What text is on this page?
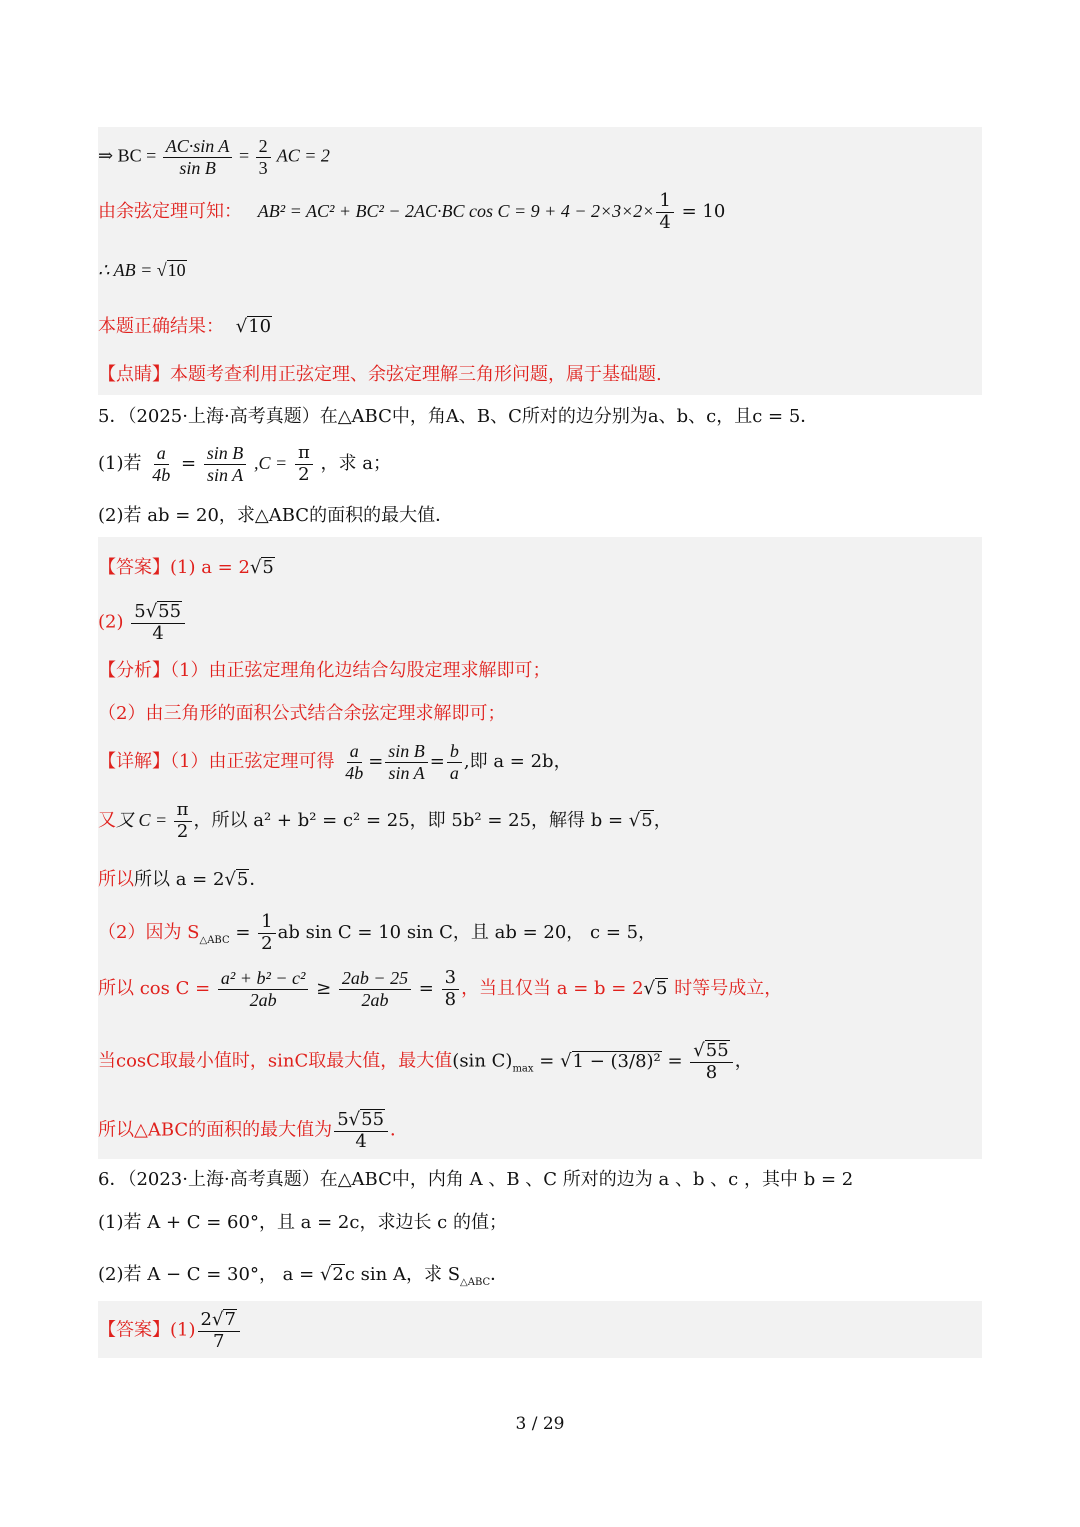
⇒ BC = $\frac{\text{AC·sin A}}{\text{sin B}} = \frac{2}{3}$ AC = 2
由余弦定理可知： AB² = AC² + BC² − 2AC·BC $\cos C = 9 + 4 - 2\times 3\times 2\times \frac{1}{4} = 10$
∴ AB = √10
本题正确结果： √10
【点睛】本题考查利用正弦定理、余弦定理解三角形问题，属于基础题.
5．（2025·上海·高考真题）在△ABC中，角A、B、C所对的边分别为a、b、c，且c = 5．
(1)若 $\frac{a}{4b} = \frac{\text{sin B}}{\text{sin A}} ,C = \frac{\pi}{2}$ ，求 a；
(2)若 ab = 20，求△ABC的面积的最大值．
【答案】(1) a = 2√5
$(2) \frac{5√55}{4}$
【分析】（1）由正弦定理角化边结合勾股定理求解即可；
（2）由三角形的面积公式结合余弦定理求解即可；
【详解】（1）由正弦定理可得 $\frac{a}{4b} = \frac{\text{sin B}}{\text{sin A}} = \frac{b}{a}$ ,即 a = 2b，
又又 $C = \frac{\pi}{2}$ ，所以 a² + b² = c² = 25，即 5b² = 25，解得 b = √5，
所以所以 a = 2√5．
（2）因为 $S_{\triangle ABC} = \frac{1}{2}$ ab sin C = 10 sin C，且 ab = 20， c = 5，
所以 $\cos C = \frac{\text{a² + b² − c²}}{2ab} \ge \frac{2ab - 25}{2ab} = \frac{3}{8}$ ，当且仅当 a = b = 2√5 时等号成立，
当cosC取最小值时，sinC取最大值，最大值(sin $C)_{max} = √1 - (3/8)^2 = \frac{√55}{8}$ ，
所以△ABC的面积的最大值为 $\frac{5√55}{4}$ ．
6．（2023·上海·高考真题）在△ABC中，内角 A 、B 、C 所对的边为 a 、b 、c ，其中 b = 2
(1)若 A + C = 60°，且 a = 2c，求边长 c 的值；
(2)若 A − C = 30°， a = √2c sin A，求 $S_{\triangle ABC}$．
【答案】$(1) \frac{2√7}{7}$
3 / 29
